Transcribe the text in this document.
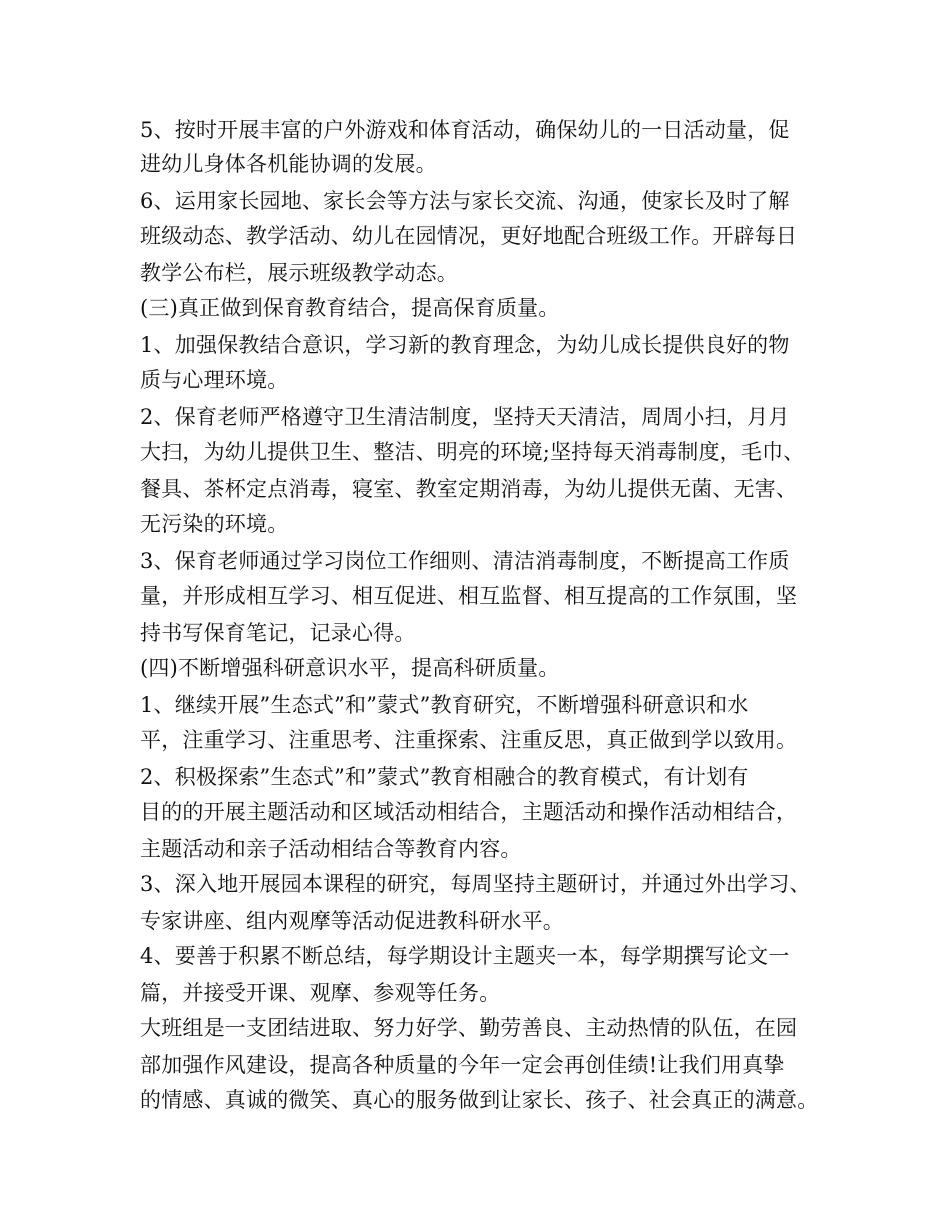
5、按时开展丰富的户外游戏和体育活动，确保幼儿的一日活动量，促
进幼儿身体各机能协调的发展。
6、运用家长园地、家长会等方法与家长交流、沟通，使家长及时了解
班级动态、教学活动、幼儿在园情况，更好地配合班级工作。开辟每日
教学公布栏，展示班级教学动态。
(三)真正做到保育教育结合，提高保育质量。
1、加强保教结合意识，学习新的教育理念，为幼儿成长提供良好的物
质与心理环境。
2、保育老师严格遵守卫生清洁制度，坚持天天清洁，周周小扫，月月
大扫，为幼儿提供卫生、整洁、明亮的环境;坚持每天消毒制度，毛巾、
餐具、茶杯定点消毒，寝室、教室定期消毒，为幼儿提供无菌、无害、
无污染的环境。
3、保育老师通过学习岗位工作细则、清洁消毒制度，不断提高工作质
量，并形成相互学习、相互促进、相互监督、相互提高的工作氛围，坚
持书写保育笔记，记录心得。
(四)不断增强科研意识水平，提高科研质量。
1、继续开展”生态式”和”蒙式”教育研究，不断增强科研意识和水
平，注重学习、注重思考、注重探索、注重反思，真正做到学以致用。
2、积极探索”生态式”和”蒙式”教育相融合的教育模式，有计划有
目的的开展主题活动和区域活动相结合，主题活动和操作活动相结合，
主题活动和亲子活动相结合等教育内容。
3、深入地开展园本课程的研究，每周坚持主题研讨，并通过外出学习、
专家讲座、组内观摩等活动促进教科研水平。
4、要善于积累不断总结，每学期设计主题夹一本，每学期撰写论文一
篇，并接受开课、观摩、参观等任务。
大班组是一支团结进取、努力好学、勤劳善良、主动热情的队伍，在园
部加强作风建设，提高各种质量的今年一定会再创佳绩!让我们用真挚
的情感、真诚的微笑、真心的服务做到让家长、孩子、社会真正的满意。
